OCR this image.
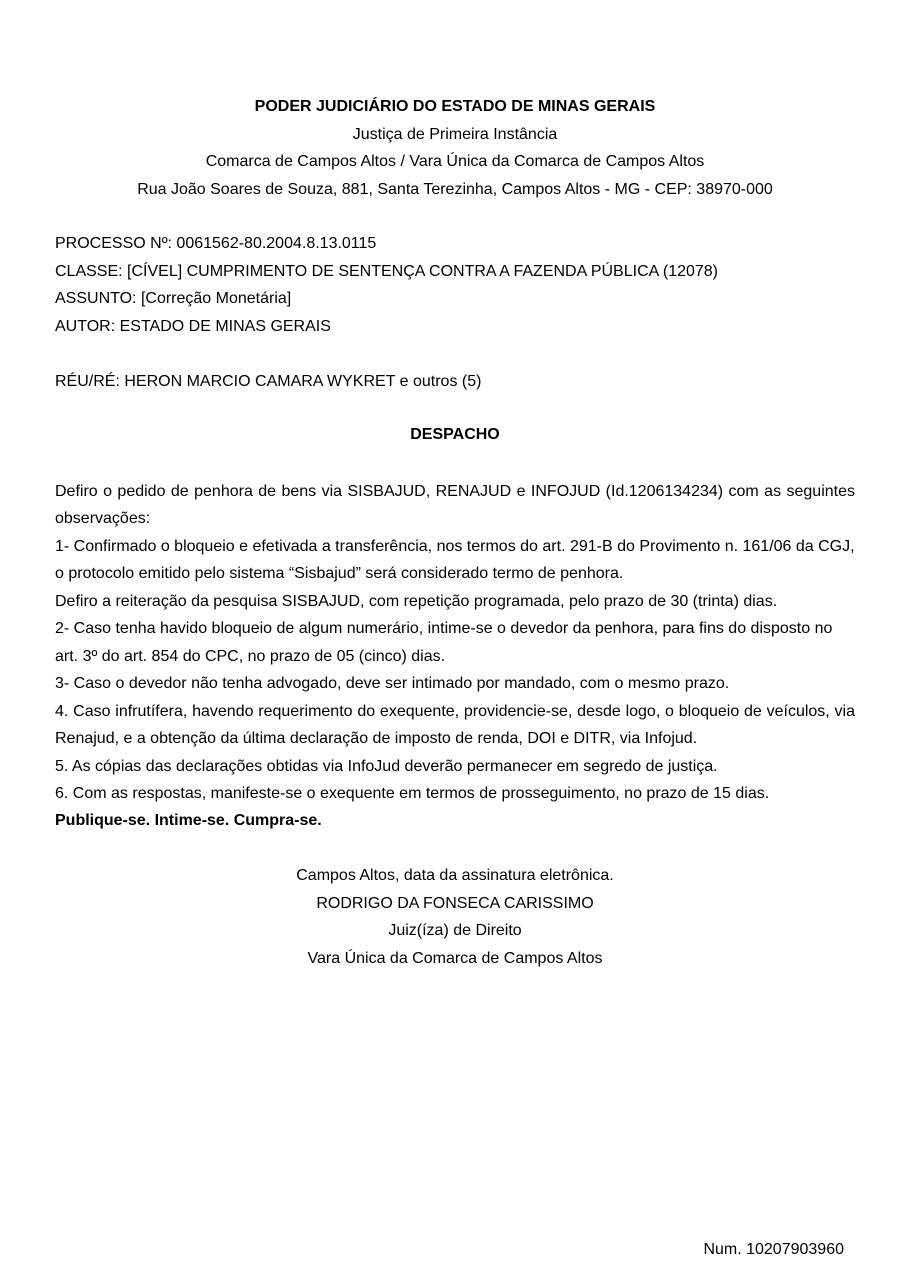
PODER JUDICIÁRIO DO ESTADO DE MINAS GERAIS
Justiça de Primeira Instância
Comarca de Campos Altos / Vara Única da Comarca de Campos Altos
Rua João Soares de Souza, 881, Santa Terezinha, Campos Altos - MG - CEP: 38970-000
PROCESSO Nº: 0061562-80.2004.8.13.0115
CLASSE: [CÍVEL] CUMPRIMENTO DE SENTENÇA CONTRA A FAZENDA PÚBLICA (12078)
ASSUNTO: [Correção Monetária]
AUTOR: ESTADO DE MINAS GERAIS
RÉU/RÉ: HERON MARCIO CAMARA WYKRET e outros (5)
DESPACHO

Defiro o pedido de penhora de bens via SISBAJUD, RENAJUD e INFOJUD (Id.1206134234) com as seguintes observações:

1- Confirmado o bloqueio e efetivada a transferência, nos termos do art. 291-B do Provimento n. 161/06 da CGJ, o protocolo emitido pelo sistema “Sisbajud” será considerado termo de penhora.

Defiro a reiteração da pesquisa SISBAJUD, com repetição programada, pelo prazo de 30 (trinta) dias.

2- Caso tenha havido bloqueio de algum numerário, intime-se o devedor da penhora, para fins do disposto no art. 3º do art. 854 do CPC, no prazo de 05 (cinco) dias.

3- Caso o devedor não tenha advogado, deve ser intimado por mandado, com o mesmo prazo.

4. Caso infrutífera, havendo requerimento do exequente, providencie-se, desde logo, o bloqueio de veículos, via Renajud, e a obtenção da última declaração de imposto de renda, DOI e DITR, via Infojud.

5. As cópias das declarações obtidas via InfoJud deverão permanecer em segredo de justiça.

6. Com as respostas, manifeste-se o exequente em termos de prosseguimento, no prazo de 15 dias.

Publique-se. Intime-se. Cumpra-se.

Campos Altos, data da assinatura eletrônica.
RODRIGO DA FONSECA CARISSIMO
Juiz(íza) de Direito
Vara Única da Comarca de Campos Altos
Num. 10207903960
